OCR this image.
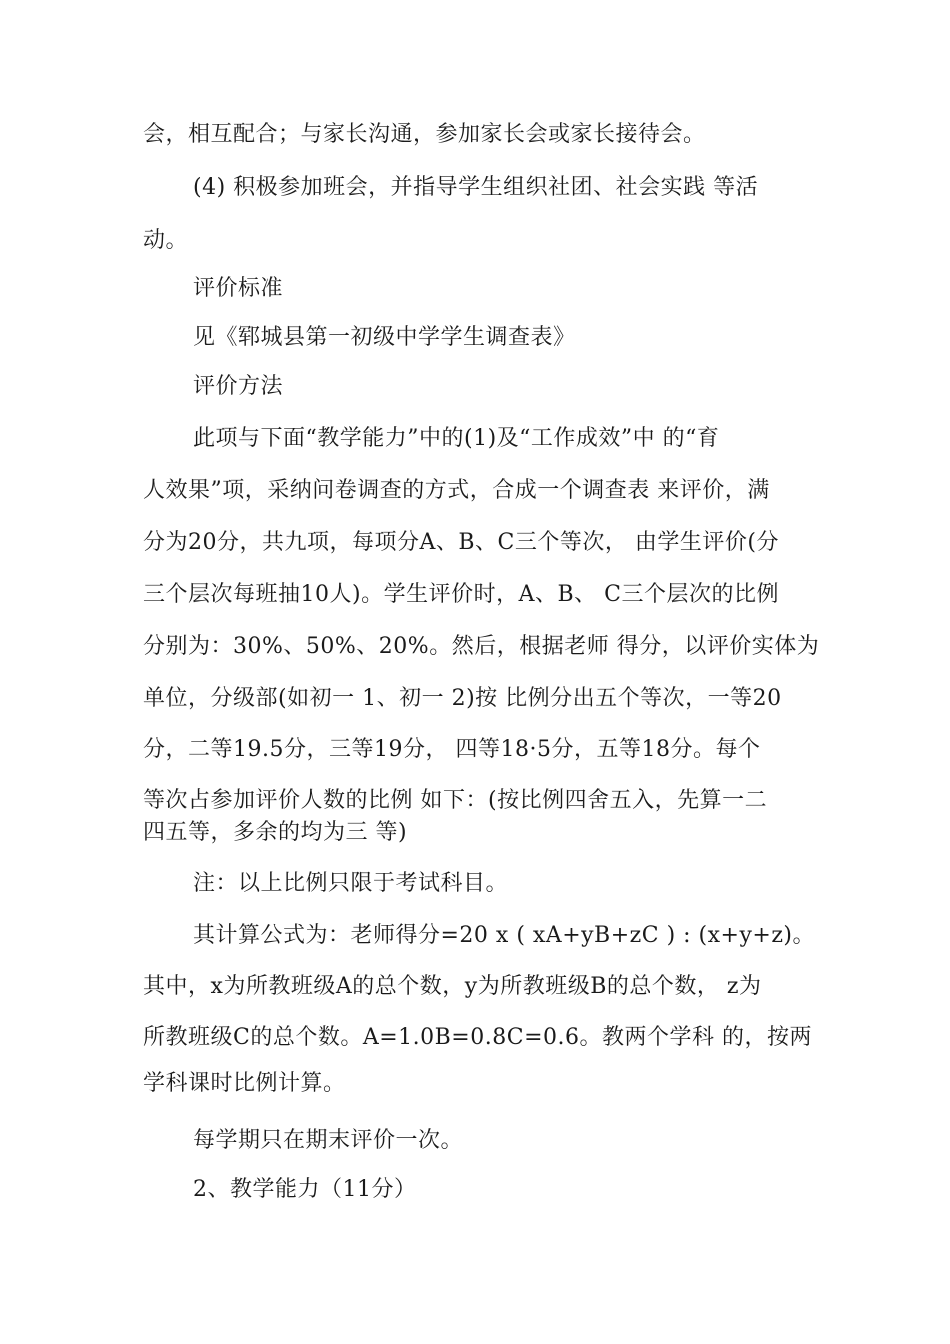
会，相互配合；与家长沟通，参加家长会或家长接待会。
(4) 积极参加班会，并指导学生组织社团、社会实践 等活
动。
评价标准
见《郓城县第一初级中学学生调查表》
评价方法
此项与下面“教学能力”中的(1)及“工作成效”中 的“育
人效果”项，采纳问卷调查的方式，合成一个调查表 来评价，满
分为20分，共九项，每项分A、B、C三个等次， 由学生评价(分
三个层次每班抽10人)。学生评价时，A、B、 C三个层次的比例
分别为：30%、50%、20%。然后，根据老师 得分，以评价实体为
单位，分级部(如初一 1、初一 2)按 比例分出五个等次，一等20
分，二等19.5分，三等19分， 四等18·5分，五等18分。每个
等次占参加评价人数的比例 如下：(按比例四舍五入，先算一二
四五等，多余的均为三 等)
注：以上比例只限于考试科目。
其计算公式为：老师得分=20 x ( xA+yB+zC ) : (x+y+z)。
其中，x为所教班级A的总个数，y为所教班级B的总个数， z为
所教班级C的总个数。A=1.0B=0.8C=0.6。教两个学科 的，按两
学科课时比例计算。
每学期只在期末评价一次。
2、教学能力（11分）
